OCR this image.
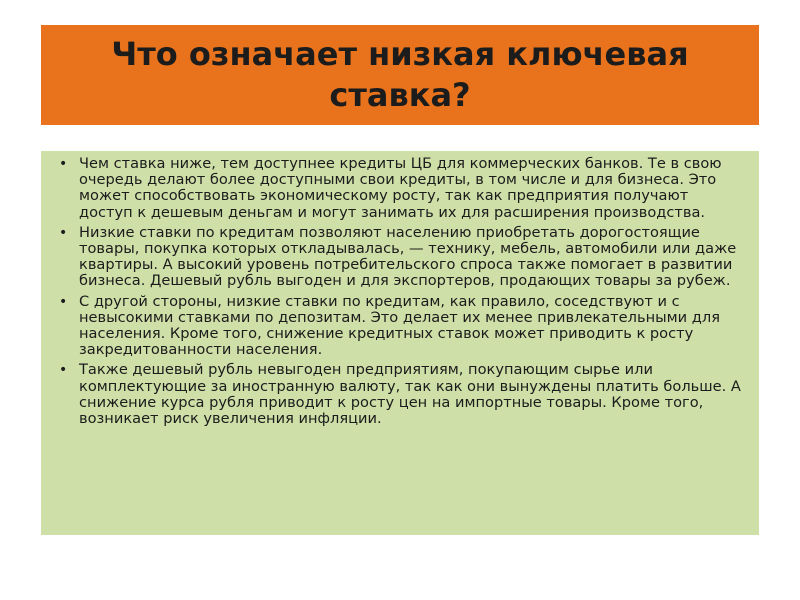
Что означает низкая ключевая ставка?
• Чем ставка ниже, тем доступнее кредиты ЦБ для коммерческих банков. Те в свою очередь делают более доступными свои кредиты, в том числе и для бизнеса. Это может способствовать экономическому росту, так как предприятия получают доступ к дешевым деньгам и могут занимать их для расширения производства.
• Низкие ставки по кредитам позволяют населению приобретать дорогостоящие товары, покупка которых откладывалась, — технику, мебель, автомобили или даже квартиры. А высокий уровень потребительского спроса также помогает в развитии бизнеса. Дешевый рубль выгоден и для экспортеров, продающих товары за рубеж.
• С другой стороны, низкие ставки по кредитам, как правило, соседствуют и с невысокими ставками по депозитам. Это делает их менее привлекательными для населения. Кроме того, снижение кредитных ставок может приводить к росту закредитованности населения.
• Также дешевый рубль невыгоден предприятиям, покупающим сырье или комплектующие за иностранную валюту, так как они вынуждены платить больше. А снижение курса рубля приводит к росту цен на импортные товары. Кроме того, возникает риск увеличения инфляции.
